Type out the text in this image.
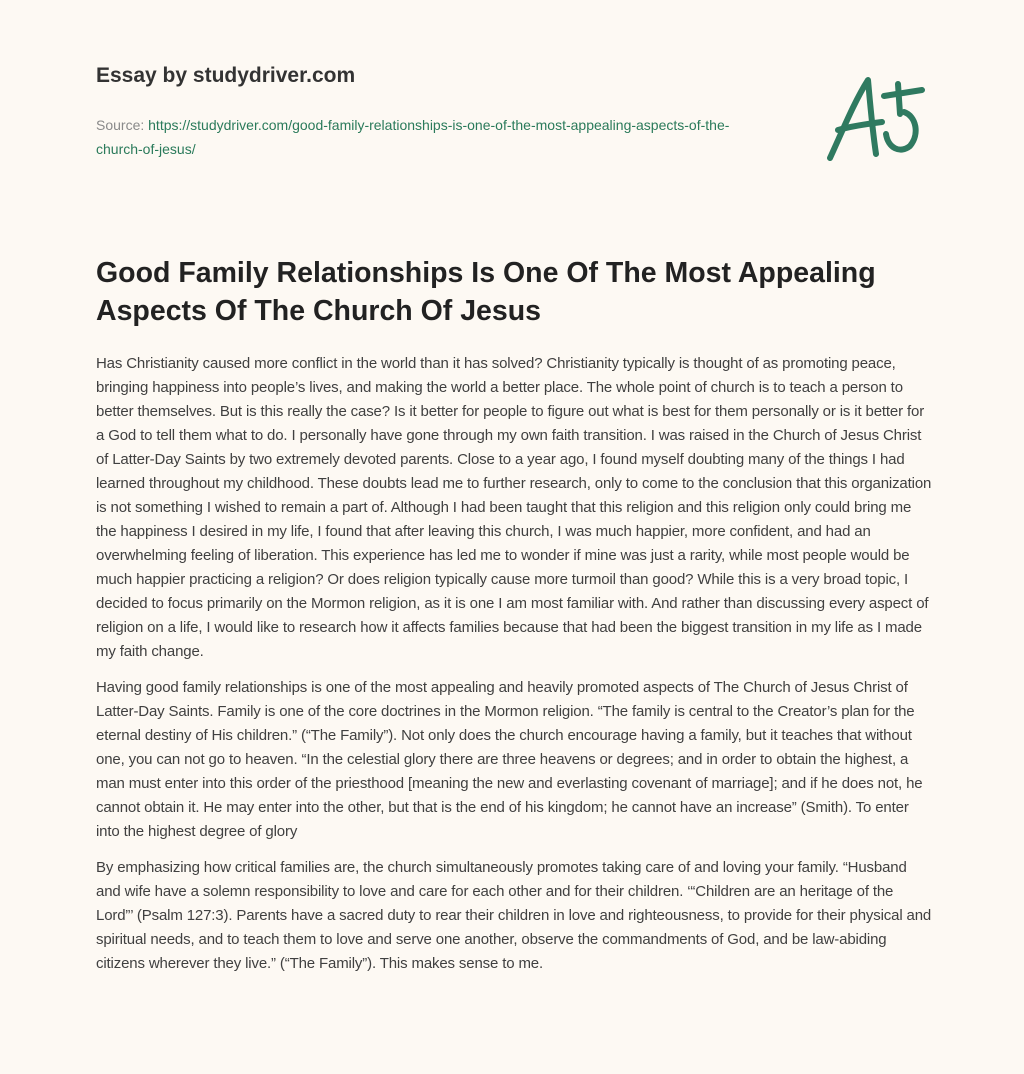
Essay by studydriver.com
Source: https://studydriver.com/good-family-relationships-is-one-of-the-most-appealing-aspects-of-the-church-of-jesus/
Good Family Relationships Is One Of The Most Appealing Aspects Of The Church Of Jesus

Has Christianity caused more conflict in the world than it has solved? Christianity typically is thought of as promoting peace, bringing happiness into people’s lives, and making the world a better place. The whole point of church is to teach a person to better themselves. But is this really the case? Is it better for people to figure out what is best for them personally or is it better for a God to tell them what to do. I personally have gone through my own faith transition. I was raised in the Church of Jesus Christ of Latter-Day Saints by two extremely devoted parents. Close to a year ago, I found myself doubting many of the things I had learned throughout my childhood. These doubts lead me to further research, only to come to the conclusion that this organization is not something I wished to remain a part of. Although I had been taught that this religion and this religion only could bring me the happiness I desired in my life, I found that after leaving this church, I was much happier, more confident, and had an overwhelming feeling of liberation. This experience has led me to wonder if mine was just a rarity, while most people would be much happier practicing a religion? Or does religion typically cause more turmoil than good? While this is a very broad topic, I decided to focus primarily on the Mormon religion, as it is one I am most familiar with. And rather than discussing every aspect of religion on a life, I would like to research how it affects families because that had been the biggest transition in my life as I made my faith change.

Having good family relationships is one of the most appealing and heavily promoted aspects of The Church of Jesus Christ of Latter-Day Saints. Family is one of the core doctrines in the Mormon religion. “The family is central to the Creator’s plan for the eternal destiny of His children.” (“The Family”). Not only does the church encourage having a family, but it teaches that without one, you can not go to heaven. “In the celestial glory there are three heavens or degrees; and in order to obtain the highest, a man must enter into this order of the priesthood [meaning the new and everlasting covenant of marriage]; and if he does not, he cannot obtain it. He may enter into the other, but that is the end of his kingdom; he cannot have an increase” (Smith). To enter into the highest degree of glory

By emphasizing how critical families are, the church simultaneously promotes taking care of and loving your family. “Husband and wife have a solemn responsibility to love and care for each other and for their children. ‘“Children are an heritage of the Lord”’ (Psalm 127:3). Parents have a sacred duty to rear their children in love and righteousness, to provide for their physical and spiritual needs, and to teach them to love and serve one another, observe the commandments of God, and be law-abiding citizens wherever they live.” (“The Family”). This makes sense to me.
